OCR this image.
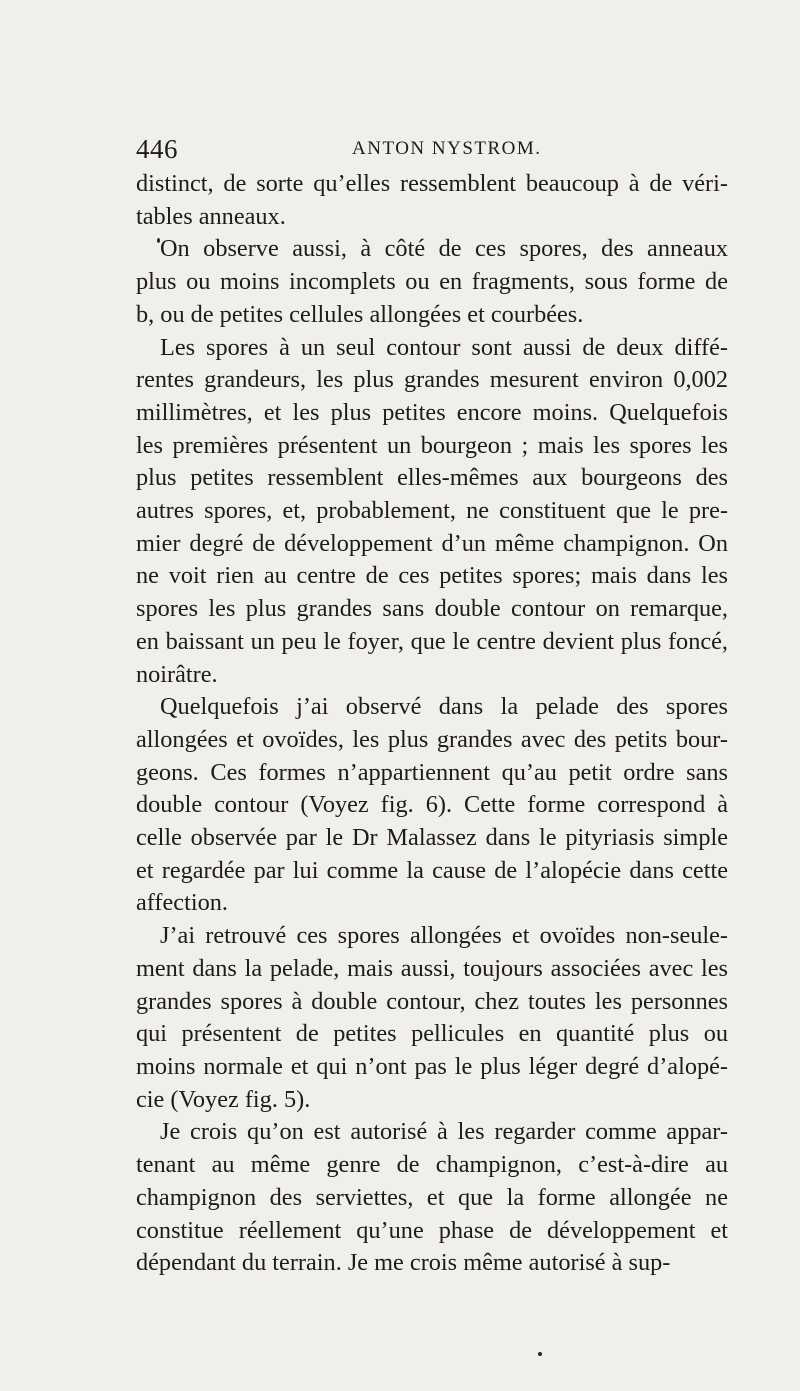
446	ANTON NYSTROM.

distinct, de sorte qu’elles ressemblent beaucoup à de véri-
tables anneaux.

On observe aussi, à côté de ces spores, des anneaux
plus ou moins incomplets ou en fragments, sous forme de
b, ou de petites cellules allongées et courbées.

Les spores à un seul contour sont aussi de deux diffé-
rentes grandeurs, les plus grandes mesurent environ 0,002
millimètres, et les plus petites encore moins. Quelquefois
les premières présentent un bourgeon ; mais les spores les
plus petites ressemblent elles-mêmes aux bourgeons des
autres spores, et, probablement, ne constituent que le pre-
mier degré de développement d’un même champignon. On
ne voit rien au centre de ces petites spores; mais dans les
spores les plus grandes sans double contour on remarque,
en baissant un peu le foyer, que le centre devient plus foncé,
noirâtre.

Quelquefois j’ai observé dans la pelade des spores
allongées et ovoïdes, les plus grandes avec des petits bour-
geons. Ces formes n’appartiennent qu’au petit ordre sans
double contour (Voyez fig. 6). Cette forme correspond à
celle observée par le Dr Malassez dans le pityriasis simple
et regardée par lui comme la cause de l’alopécie dans cette
affection.

J’ai retrouvé ces spores allongées et ovoïdes non-seule-
ment dans la pelade, mais aussi, toujours associées avec les
grandes spores à double contour, chez toutes les personnes
qui présentent de petites pellicules en quantité plus ou
moins normale et qui n’ont pas le plus léger degré d’alopé-
cie (Voyez fig. 5).

Je crois qu’on est autorisé à les regarder comme appar-
tenant au même genre de champignon, c’est-à-dire au
champignon des serviettes, et que la forme allongée ne
constitue réellement qu’une phase de développement et
dépendant du terrain. Je me crois même autorisé à sup-
